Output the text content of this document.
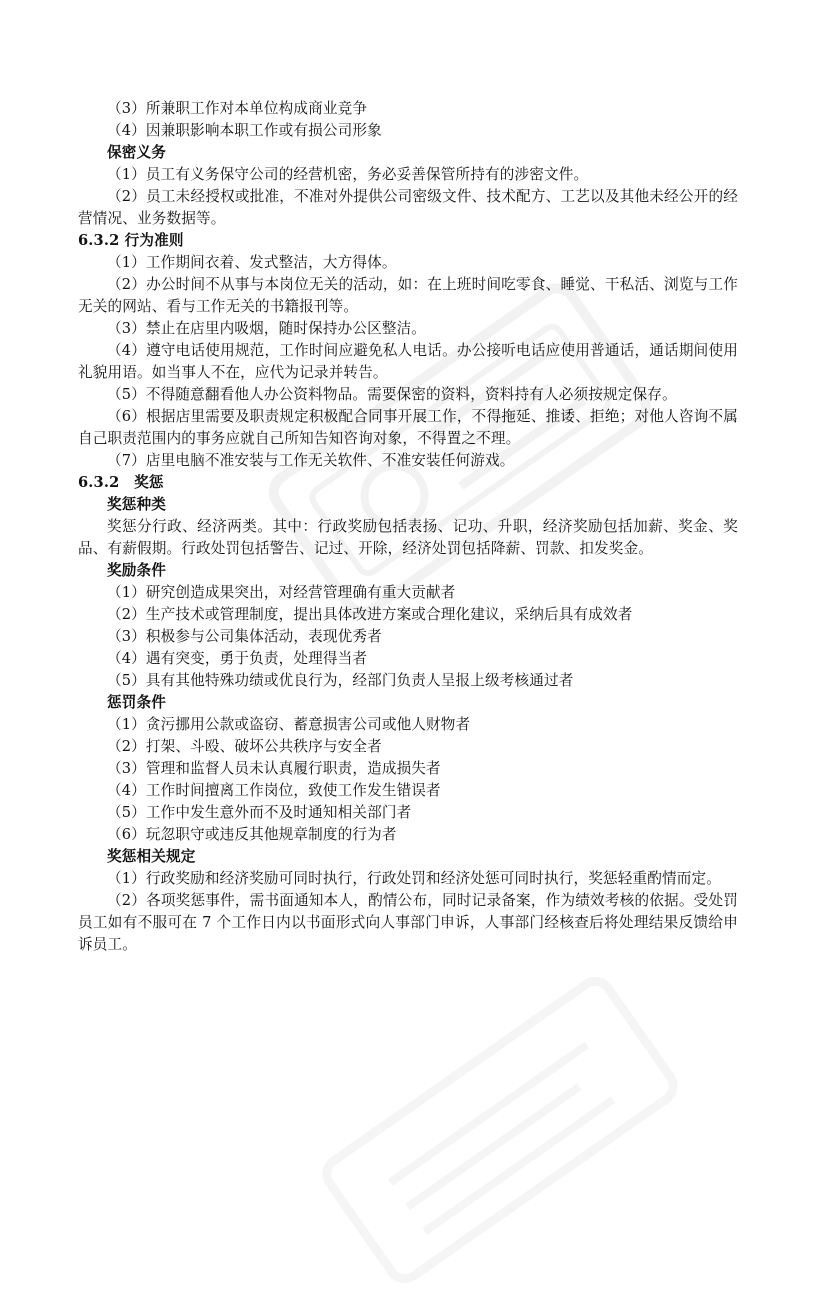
（3）所兼职工作对本单位构成商业竞争
（4）因兼职影响本职工作或有损公司形象
保密义务
（1）员工有义务保守公司的经营机密，务必妥善保管所持有的涉密文件。
（2）员工未经授权或批准，不准对外提供公司密级文件、技术配方、工艺以及其他未经公开的经营情况、业务数据等。
6.3.2 行为准则
（1）工作期间衣着、发式整洁，大方得体。
（2）办公时间不从事与本岗位无关的活动，如：在上班时间吃零食、睡觉、干私活、浏览与工作无关的网站、看与工作无关的书籍报刊等。
（3）禁止在店里内吸烟，随时保持办公区整洁。
（4）遵守电话使用规范，工作时间应避免私人电话。办公接听电话应使用普通话，通话期间使用礼貌用语。如当事人不在，应代为记录并转告。
（5）不得随意翻看他人办公资料物品。需要保密的资料，资料持有人必须按规定保存。
（6）根据店里需要及职责规定积极配合同事开展工作，不得拖延、推诿、拒绝；对他人咨询不属自己职责范围内的事务应就自己所知告知咨询对象，不得置之不理。
（7）店里电脑不准安装与工作无关软件、不准安装任何游戏。
6.3.2　奖惩
奖惩种类
奖惩分行政、经济两类。其中：行政奖励包括表扬、记功、升职，经济奖励包括加薪、奖金、奖品、有薪假期。行政处罚包括警告、记过、开除，经济处罚包括降薪、罚款、扣发奖金。
奖励条件
（1）研究创造成果突出，对经营管理确有重大贡献者
（2）生产技术或管理制度，提出具体改进方案或合理化建议，采纳后具有成效者
（3）积极参与公司集体活动，表现优秀者
（4）遇有突变，勇于负责，处理得当者
（5）具有其他特殊功绩或优良行为，经部门负责人呈报上级考核通过者
惩罚条件
（1）贪污挪用公款或盗窃、蓄意损害公司或他人财物者
（2）打架、斗殴、破坏公共秩序与安全者
（3）管理和监督人员未认真履行职责，造成损失者
（4）工作时间擅离工作岗位，致使工作发生错误者
（5）工作中发生意外而不及时通知相关部门者
（6）玩忽职守或违反其他规章制度的行为者
奖惩相关规定
（1）行政奖励和经济奖励可同时执行，行政处罚和经济处惩可同时执行，奖惩轻重酌情而定。
（2）各项奖惩事件，需书面通知本人，酌情公布，同时记录备案，作为绩效考核的依据。受处罚员工如有不服可在 7 个工作日内以书面形式向人事部门申诉，人事部门经核查后将处理结果反馈给申诉员工。
